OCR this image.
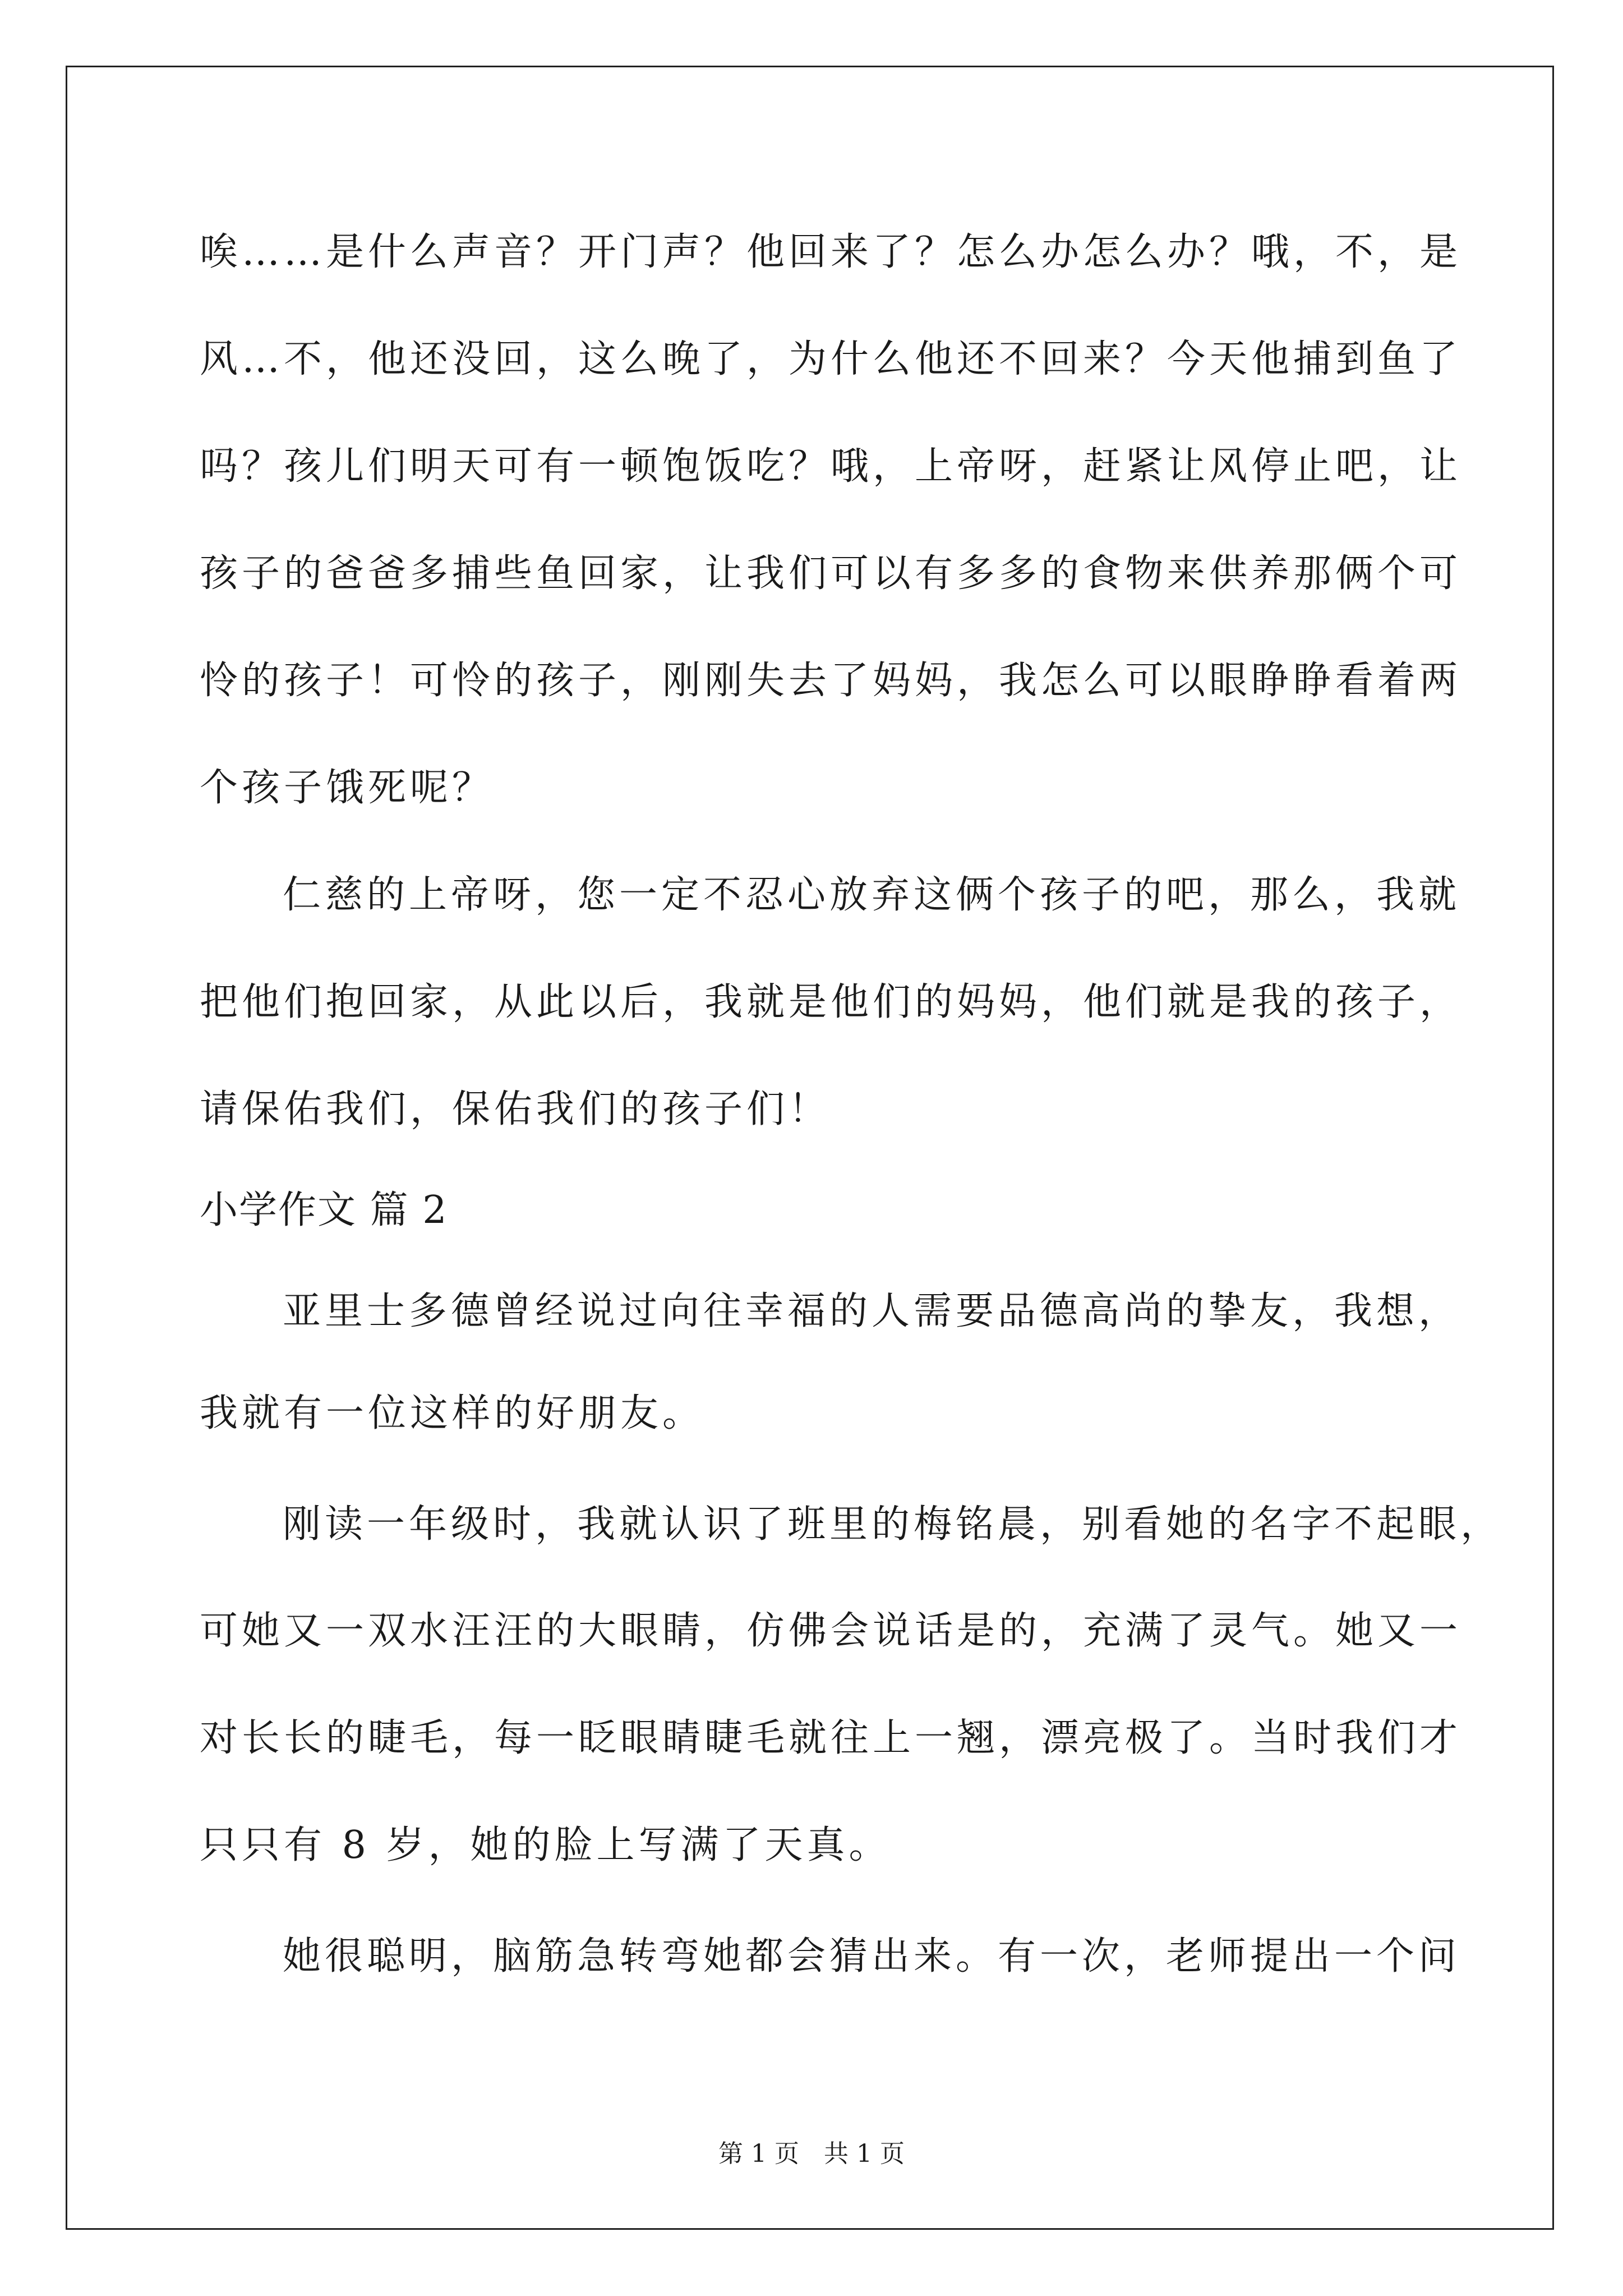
唉……是什么声音？开门声？他回来了？怎么办怎么办？哦，不，是
风…不，他还没回，这么晚了，为什么他还不回来？今天他捕到鱼了
吗？孩儿们明天可有一顿饱饭吃？哦，上帝呀，赶紧让风停止吧，让
孩子的爸爸多捕些鱼回家，让我们可以有多多的食物来供养那俩个可
怜的孩子！可怜的孩子，刚刚失去了妈妈，我怎么可以眼睁睁看着两
个孩子饿死呢？
仁慈的上帝呀，您一定不忍心放弃这俩个孩子的吧，那么，我就
把他们抱回家，从此以后，我就是他们的妈妈，他们就是我的孩子，
请保佑我们，保佑我们的孩子们！
小学作文 篇 2
亚里士多德曾经说过向往幸福的人需要品德高尚的挚友，我想，
我就有一位这样的好朋友。
刚读一年级时，我就认识了班里的梅铭晨，别看她的名字不起眼，
可她又一双水汪汪的大眼睛，仿佛会说话是的，充满了灵气。她又一
对长长的睫毛，每一眨眼睛睫毛就往上一翘，漂亮极了。当时我们才
只只有 8 岁，她的脸上写满了天真。
她很聪明，脑筋急转弯她都会猜出来。有一次，老师提出一个问
第 1 页　共 1 页
